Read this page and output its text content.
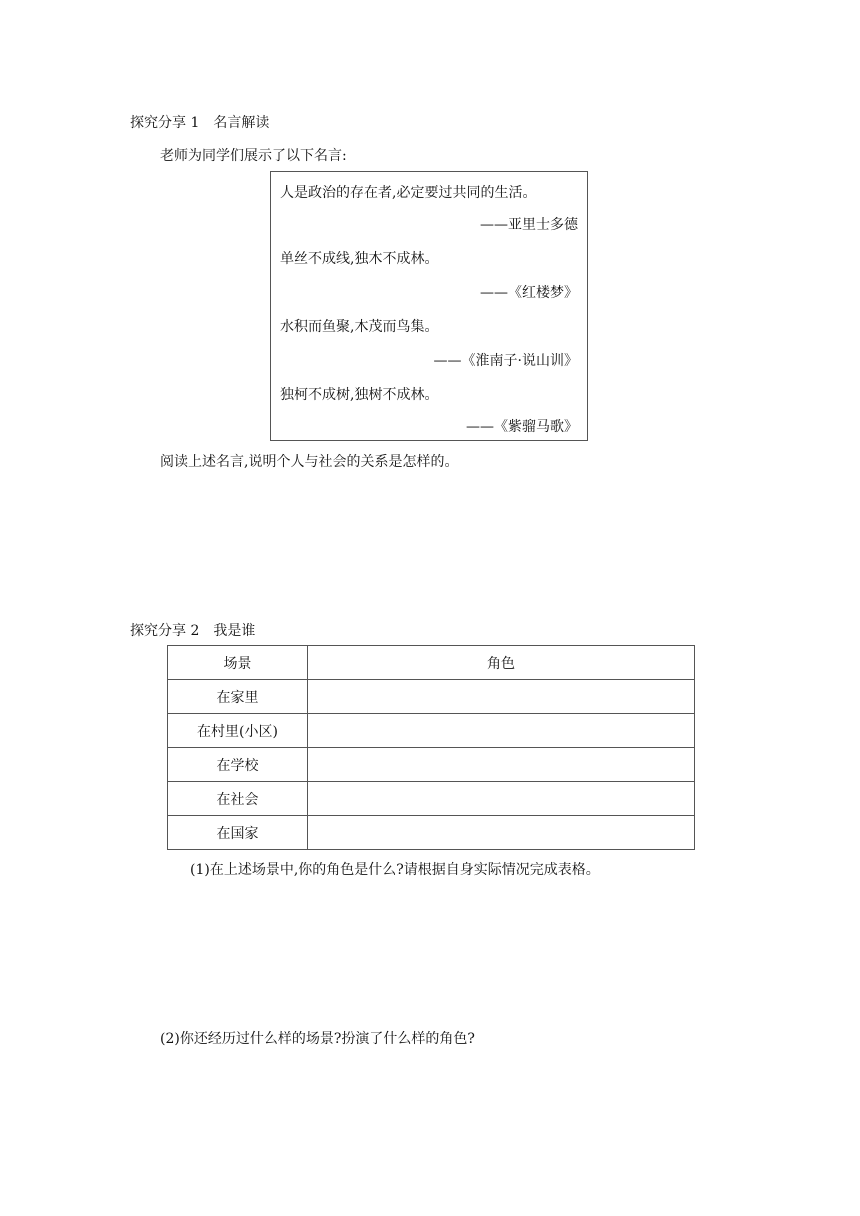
探究分享 1　名言解读
老师为同学们展示了以下名言:
人是政治的存在者,必定要过共同的生活。
——亚里士多德
单丝不成线,独木不成林。
——《红楼梦》
水积而鱼聚,木茂而鸟集。
——《淮南子·说山训》
独柯不成树,独树不成林。
——《紫骝马歌》
阅读上述名言,说明个人与社会的关系是怎样的。
探究分享 2　我是谁
场景	角色
在家里	
在村里(小区)	
在学校	
在社会	
在国家	
(1)在上述场景中,你的角色是什么?请根据自身实际情况完成表格。
(2)你还经历过什么样的场景?扮演了什么样的角色?
